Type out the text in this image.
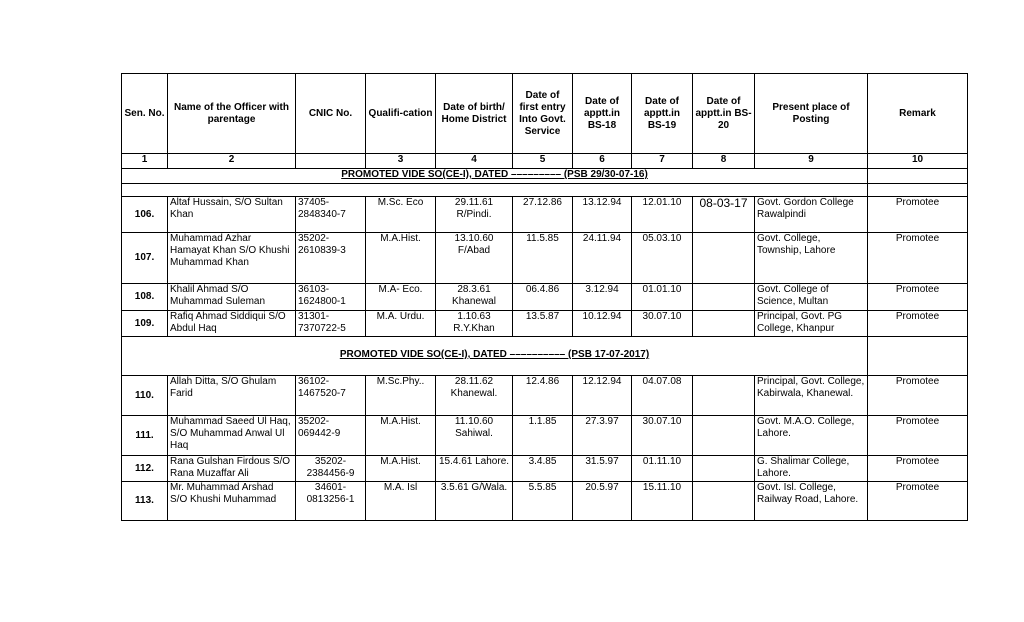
Sen. No.	Name of the Officer with parentage	CNIC No.	Qualifi-cation	Date of birth/ Home District	Date of first entry Into Govt. Service	Date of apptt.in BS-18	Date of apptt.in BS-19	Date of apptt.in BS-20	Present place of Posting	Remark
1	2		3	4	5	6	7	8	9	10
PROMOTED VIDE SO(CE-I), DATED ––––––––– (PSB 29/30-07-16)										

106.	Altaf Hussain, S/O Sultan Khan	37405-2848340-7	M.Sc. Eco	29.11.61 R/Pindi.	27.12.86	13.12.94	12.01.10	08-03-17	Govt. Gordon College Rawalpindi	Promotee
107.	Muhammad Azhar Hamayat Khan S/O Khushi Muhammad Khan	35202-2610839-3	M.A.Hist.	13.10.60 F/Abad	11.5.85	24.11.94	05.03.10		Govt. College, Township, Lahore	Promotee
108.	Khalil Ahmad S/O Muhammad Suleman	36103-1624800-1	M.A- Eco.	28.3.61 Khanewal	06.4.86	3.12.94	01.01.10		Govt. College of Science, Multan	Promotee
109.	Rafiq Ahmad Siddiqui S/O Abdul Haq	31301-7370722-5	M.A. Urdu.	1.10.63 R.Y.Khan	13.5.87	10.12.94	30.07.10		Principal, Govt. PG College, Khanpur	Promotee

PROMOTED VIDE SO(CE-I), DATED –––––––––– (PSB 17-07-2017)										

110.	Allah Ditta, S/O Ghulam Farid	36102-1467520-7	M.Sc.Phy..	28.11.62 Khanewal.	12.4.86	12.12.94	04.07.08		Principal, Govt. College, Kabirwala, Khanewal.	Promotee
111.	Muhammad Saeed Ul Haq, S/O Muhammad Anwal Ul Haq	35202-069442-9	M.A.Hist.	11.10.60 Sahiwal.	1.1.85	27.3.97	30.07.10		Govt. M.A.O. College, Lahore.	Promotee
112.	Rana Gulshan Firdous S/O Rana Muzaffar Ali	35202-2384456-9	M.A.Hist.	15.4.61 Lahore.	3.4.85	31.5.97	01.11.10		G. Shalimar College, Lahore.	Promotee
113.	Mr. Muhammad Arshad S/O Khushi Muhammad	34601-0813256-1	M.A. Isl	3.5.61 G/Wala.	5.5.85	20.5.97	15.11.10		Govt. Isl. College, Railway Road, Lahore.	Promotee
